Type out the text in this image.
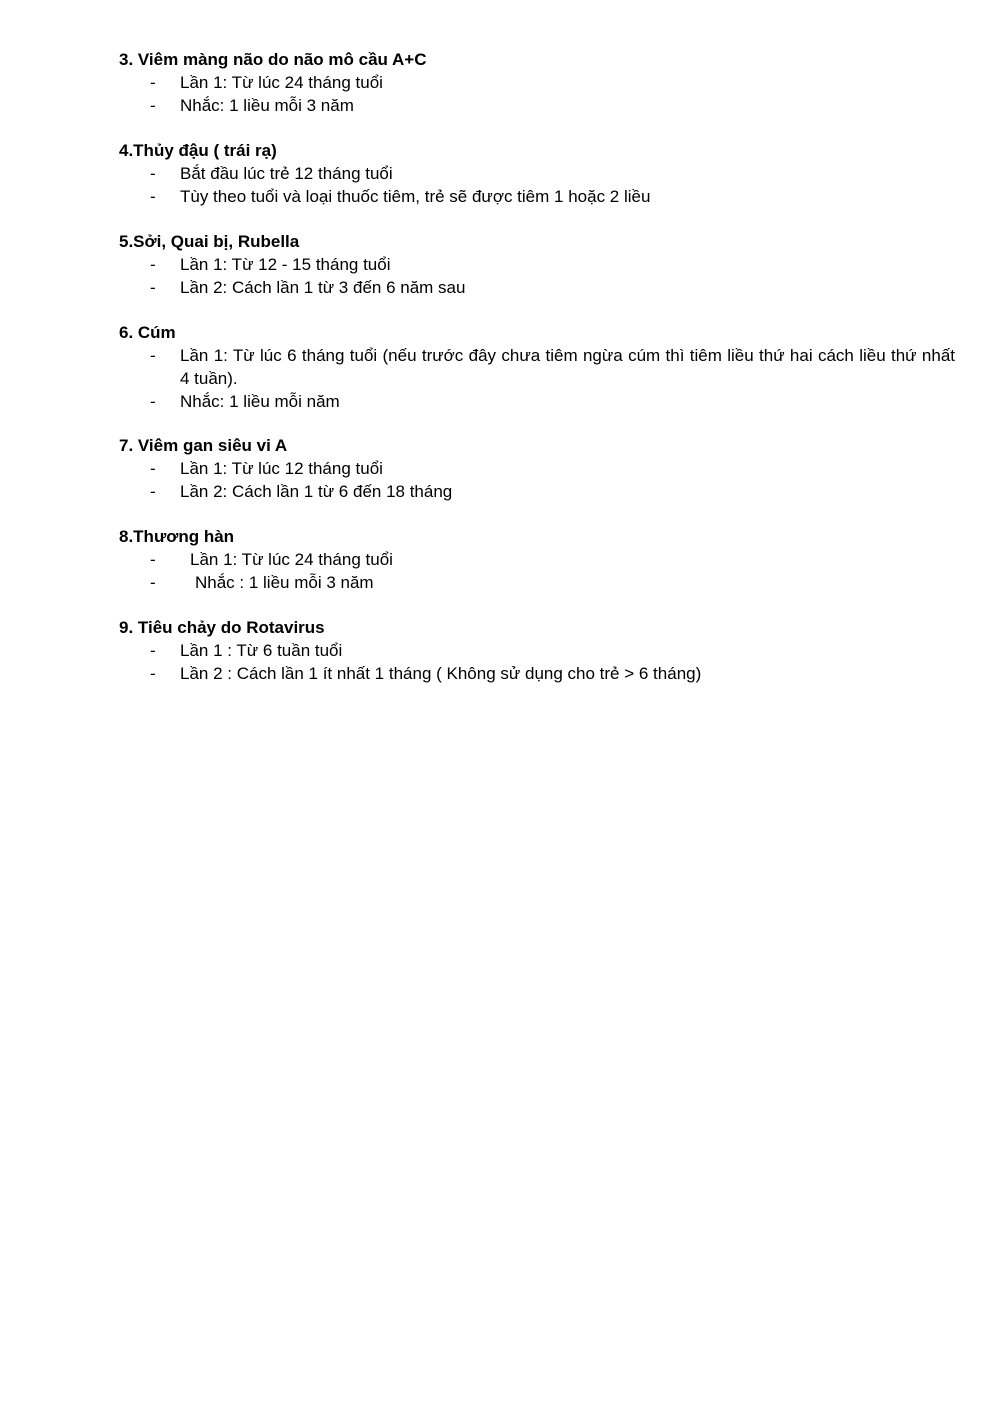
3. Viêm màng não do não mô cầu A+C
- Lần 1: Từ lúc 24 tháng tuổi
- Nhắc: 1 liều mỗi 3 năm
4.Thủy đậu ( trái rạ)
- Bắt đầu lúc trẻ 12 tháng tuổi
- Tùy theo tuổi và loại thuốc tiêm, trẻ sẽ được tiêm 1 hoặc 2 liều
5.Sởi, Quai bị, Rubella
- Lần 1: Từ 12 - 15 tháng tuổi
- Lần 2: Cách lần 1 từ 3 đến 6 năm sau
6. Cúm
- Lần 1: Từ lúc 6 tháng tuổi (nếu trước đây chưa tiêm ngừa cúm thì tiêm liều thứ hai cách liều thứ nhất 4 tuần).
- Nhắc: 1 liều mỗi năm
7. Viêm gan siêu vi A
- Lần 1: Từ lúc 12 tháng tuổi
- Lần 2: Cách lần 1 từ 6 đến 18 tháng
8.Thương hàn
- Lần 1: Từ lúc 24 tháng tuổi
- Nhắc : 1 liều mỗi 3 năm
9. Tiêu chảy do Rotavirus
- Lần 1 : Từ 6 tuần tuổi
- Lần 2 : Cách lần 1 ít nhất 1 tháng ( Không sử dụng cho trẻ > 6 tháng)
